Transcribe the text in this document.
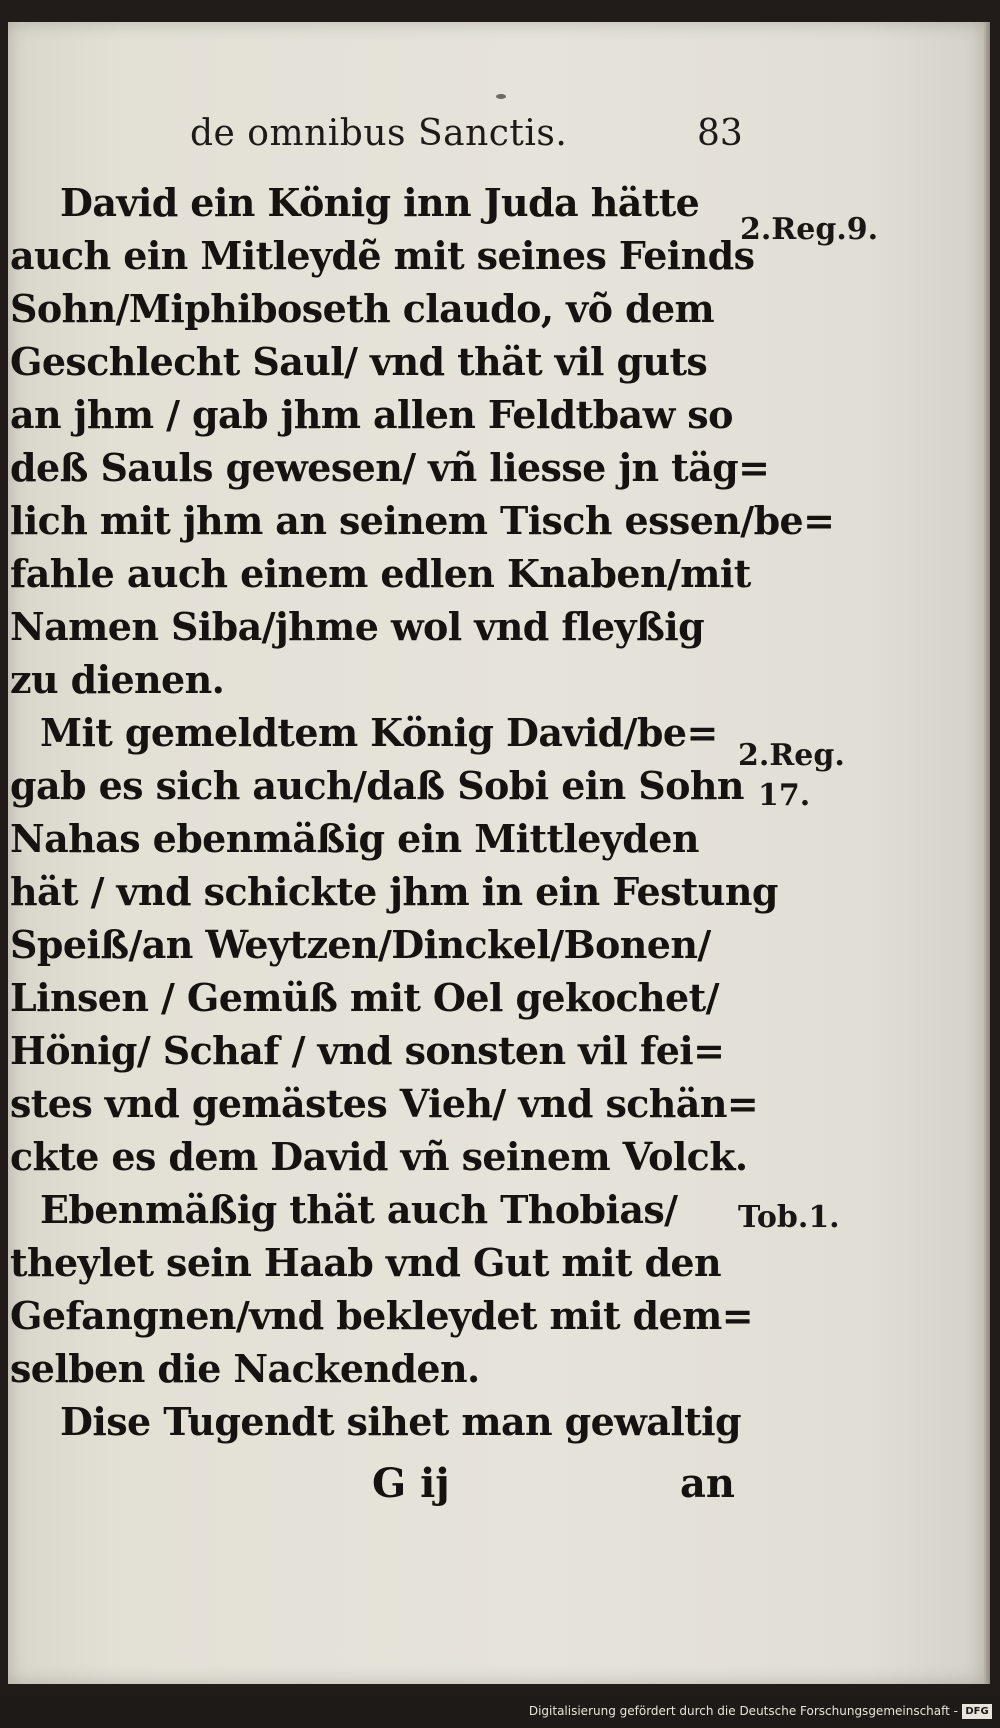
de omnibus Sanctis.	83
David ein König inn Juda hätte
auch ein Mitleydẽ mit seines Feinds
Sohn/Miphiboseth claudo, võ dem
Geschlecht Saul/ vnd thät vil guts
an jhm / gab jhm allen Feldtbaw so
deß Sauls gewesen/ vñ liesse jn täg=
lich mit jhm an seinem Tisch essen/be=
fahle auch einem edlen Knaben/mit
Namen Siba/jhme wol vnd fleyßig
zu dienen.
Mit gemeldtem König David/be=
gab es sich auch/daß Sobi ein Sohn
Nahas ebenmäßig ein Mittleyden
hät / vnd schickte jhm in ein Festung
Speiß/an Weytzen/Dinckel/Bonen/
Linsen / Gemüß mit Oel gekochet/
Hönig/ Schaf / vnd sonsten vil fei=
stes vnd gemästes Vieh/ vnd schän=
ckte es dem David vñ seinem Volck.
Ebenmäßig thät auch Thobias/
theylet sein Haab vnd Gut mit den
Gefangnen/vnd bekleydet mit dem=
selben die Nackenden.
Dise Tugendt sihet man gewaltig
2.Reg.9.
2.Reg.
17.
Tob.1.
G ij	an
Digitalisierung gefördert durch die Deutsche Forschungsgemeinschaft - DFG
